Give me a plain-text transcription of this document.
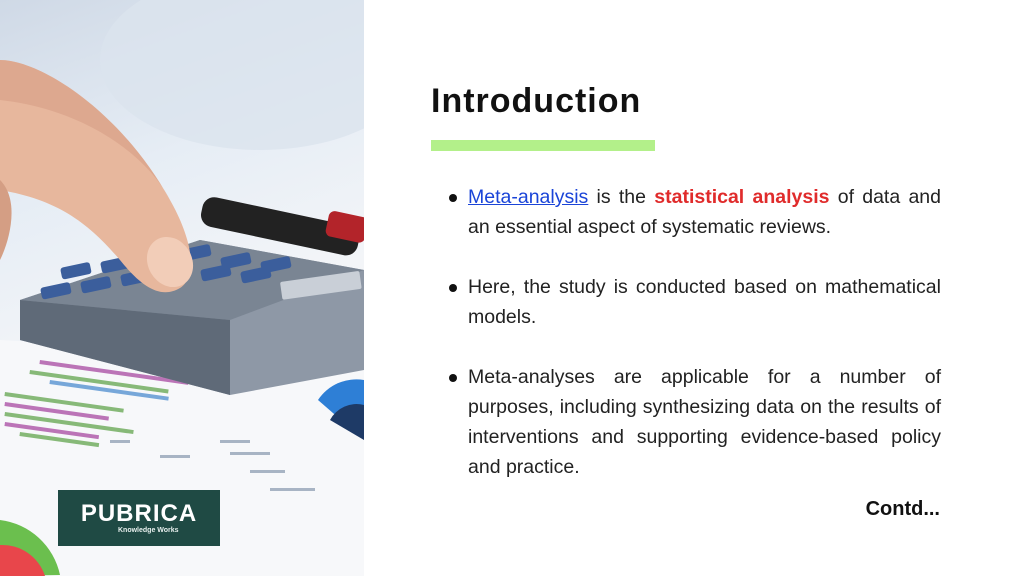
PUBRICA
Knowledge Works
Introduction
Meta-analysis is the statistical analysis of data and an essential aspect of systematic reviews.
Here, the study is conducted based on mathematical models.
Meta-analyses are applicable for a number of purposes, including synthesizing data on the results of interventions and supporting evidence-based policy and practice.
Contd...
